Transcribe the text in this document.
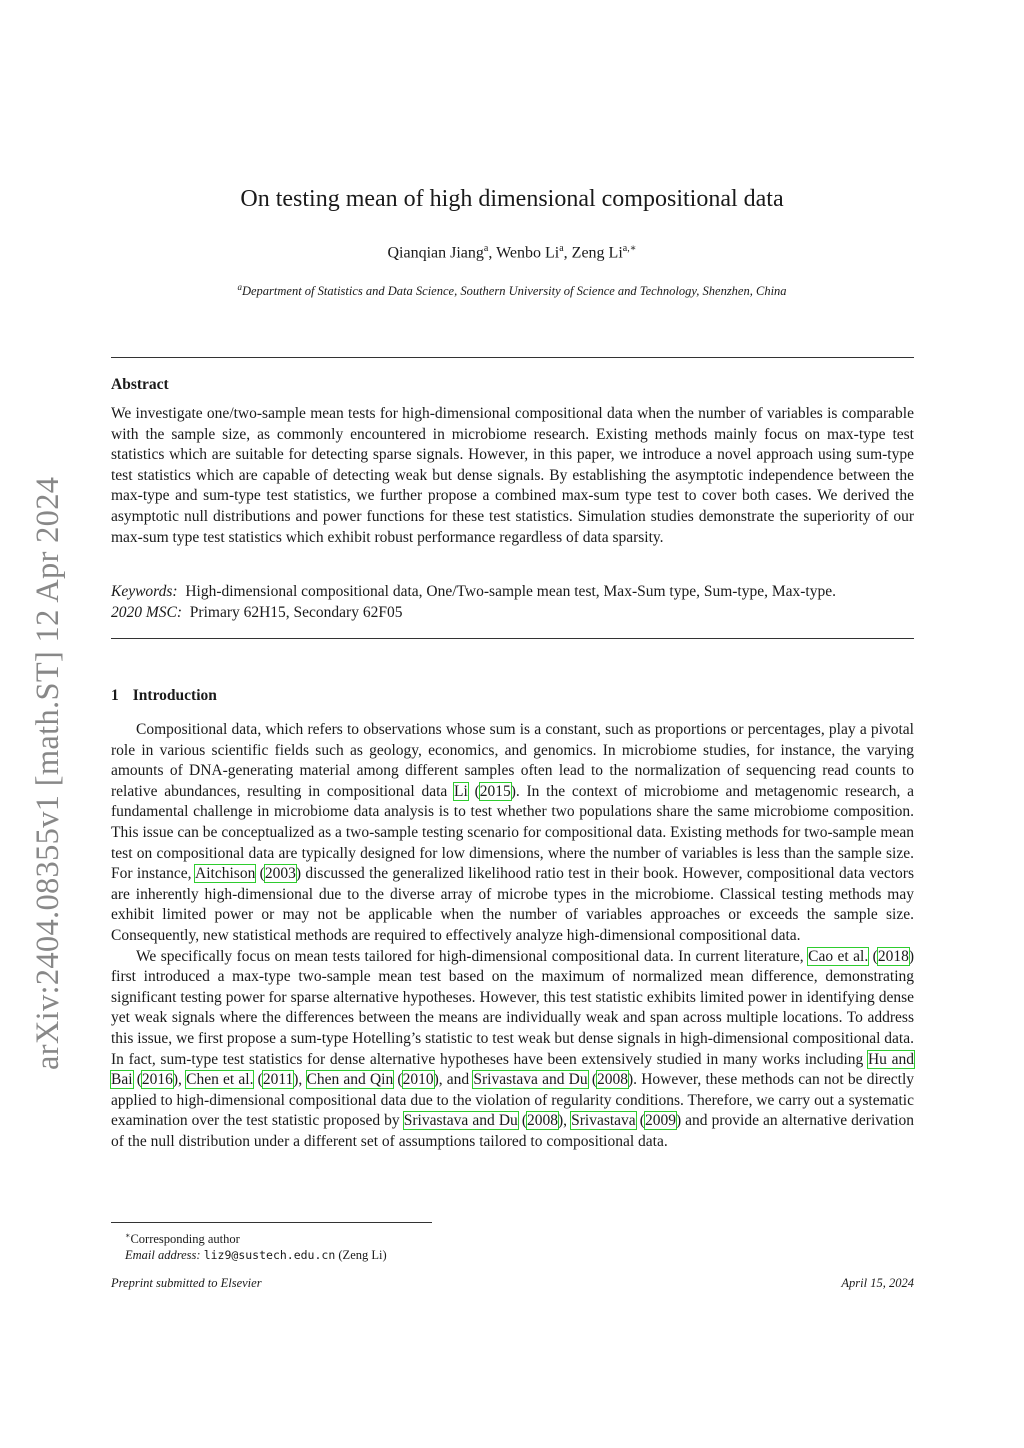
arXiv:2404.08355v1 [math.ST] 12 Apr 2024
On testing mean of high dimensional compositional data
Qianqian Jiang$^a$, Wenbo Li$^a$, Zeng $Li^{a,∗}$
$^a$Department of Statistics and Data Science, Southern University of Science and Technology, Shenzhen, China
Abstract
We investigate one/two-sample mean tests for high-dimensional compositional data when the number of variables is comparable with the sample size, as commonly encountered in microbiome research. Existing methods mainly focus on max-type test statistics which are suitable for detecting sparse signals. However, in this paper, we introduce a novel approach using sum-type test statistics which are capable of detecting weak but dense signals. By establishing the asymptotic independence between the max-type and sum-type test statistics, we further propose a combined max-sum type test to cover both cases. We derived the asymptotic null distributions and power functions for these test statistics. Simulation studies demonstrate the superiority of our max-sum type test statistics which exhibit robust performance regardless of data sparsity.
Keywords: High-dimensional compositional data, One/Two-sample mean test, Max-Sum type, Sum-type, Max-type.
2020 MSC: Primary 62H15, Secondary 62F05
1 Introduction

Compositional data, which refers to observations whose sum is a constant, such as proportions or percentages, play a pivotal role in various scientific fields such as geology, economics, and genomics. In microbiome studies, for instance, the varying amounts of DNA-generating material among different samples often lead to the normalization of sequencing read counts to relative abundances, resulting in compositional data Li (2015). In the context of microbiome and metagenomic research, a fundamental challenge in microbiome data analysis is to test whether two populations share the same microbiome composition. This issue can be conceptualized as a two-sample testing scenario for compositional data. Existing methods for two-sample mean test on compositional data are typically designed for low dimensions, where the number of variables is less than the sample size. For instance, Aitchison (2003) discussed the generalized likelihood ratio test in their book. However, compositional data vectors are inherently high-dimensional due to the diverse array of microbe types in the microbiome. Classical testing methods may exhibit limited power or may not be applicable when the number of variables approaches or exceeds the sample size. Consequently, new statistical methods are required to effectively analyze high-dimensional compositional data.

We specifically focus on mean tests tailored for high-dimensional compositional data. In current literature, Cao et al. (2018) first introduced a max-type two-sample mean test based on the maximum of normalized mean difference, demonstrating significant testing power for sparse alternative hypotheses. However, this test statistic exhibits limited power in identifying dense yet weak signals where the differences between the means are individually weak and span across multiple locations. To address this issue, we first propose a sum-type Hotelling’s statistic to test weak but dense signals in high-dimensional compositional data. In fact, sum-type test statistics for dense alternative hypotheses have been extensively studied in many works including Hu and Bai (2016), Chen et al. (2011), Chen and Qin (2010), and Srivastava and Du (2008). However, these methods can not be directly applied to high-dimensional compositional data due to the violation of regularity conditions. Therefore, we carry out a systematic examination over the test statistic proposed by Srivastava and Du (2008), Srivastava (2009) and provide an alternative derivation of the null distribution under a different set of assumptions tailored to compositional data.

∗Corresponding author
Email address: liz9@sustech.edu.cn (Zeng Li)
Preprint submitted to Elsevier	April 15, 2024
